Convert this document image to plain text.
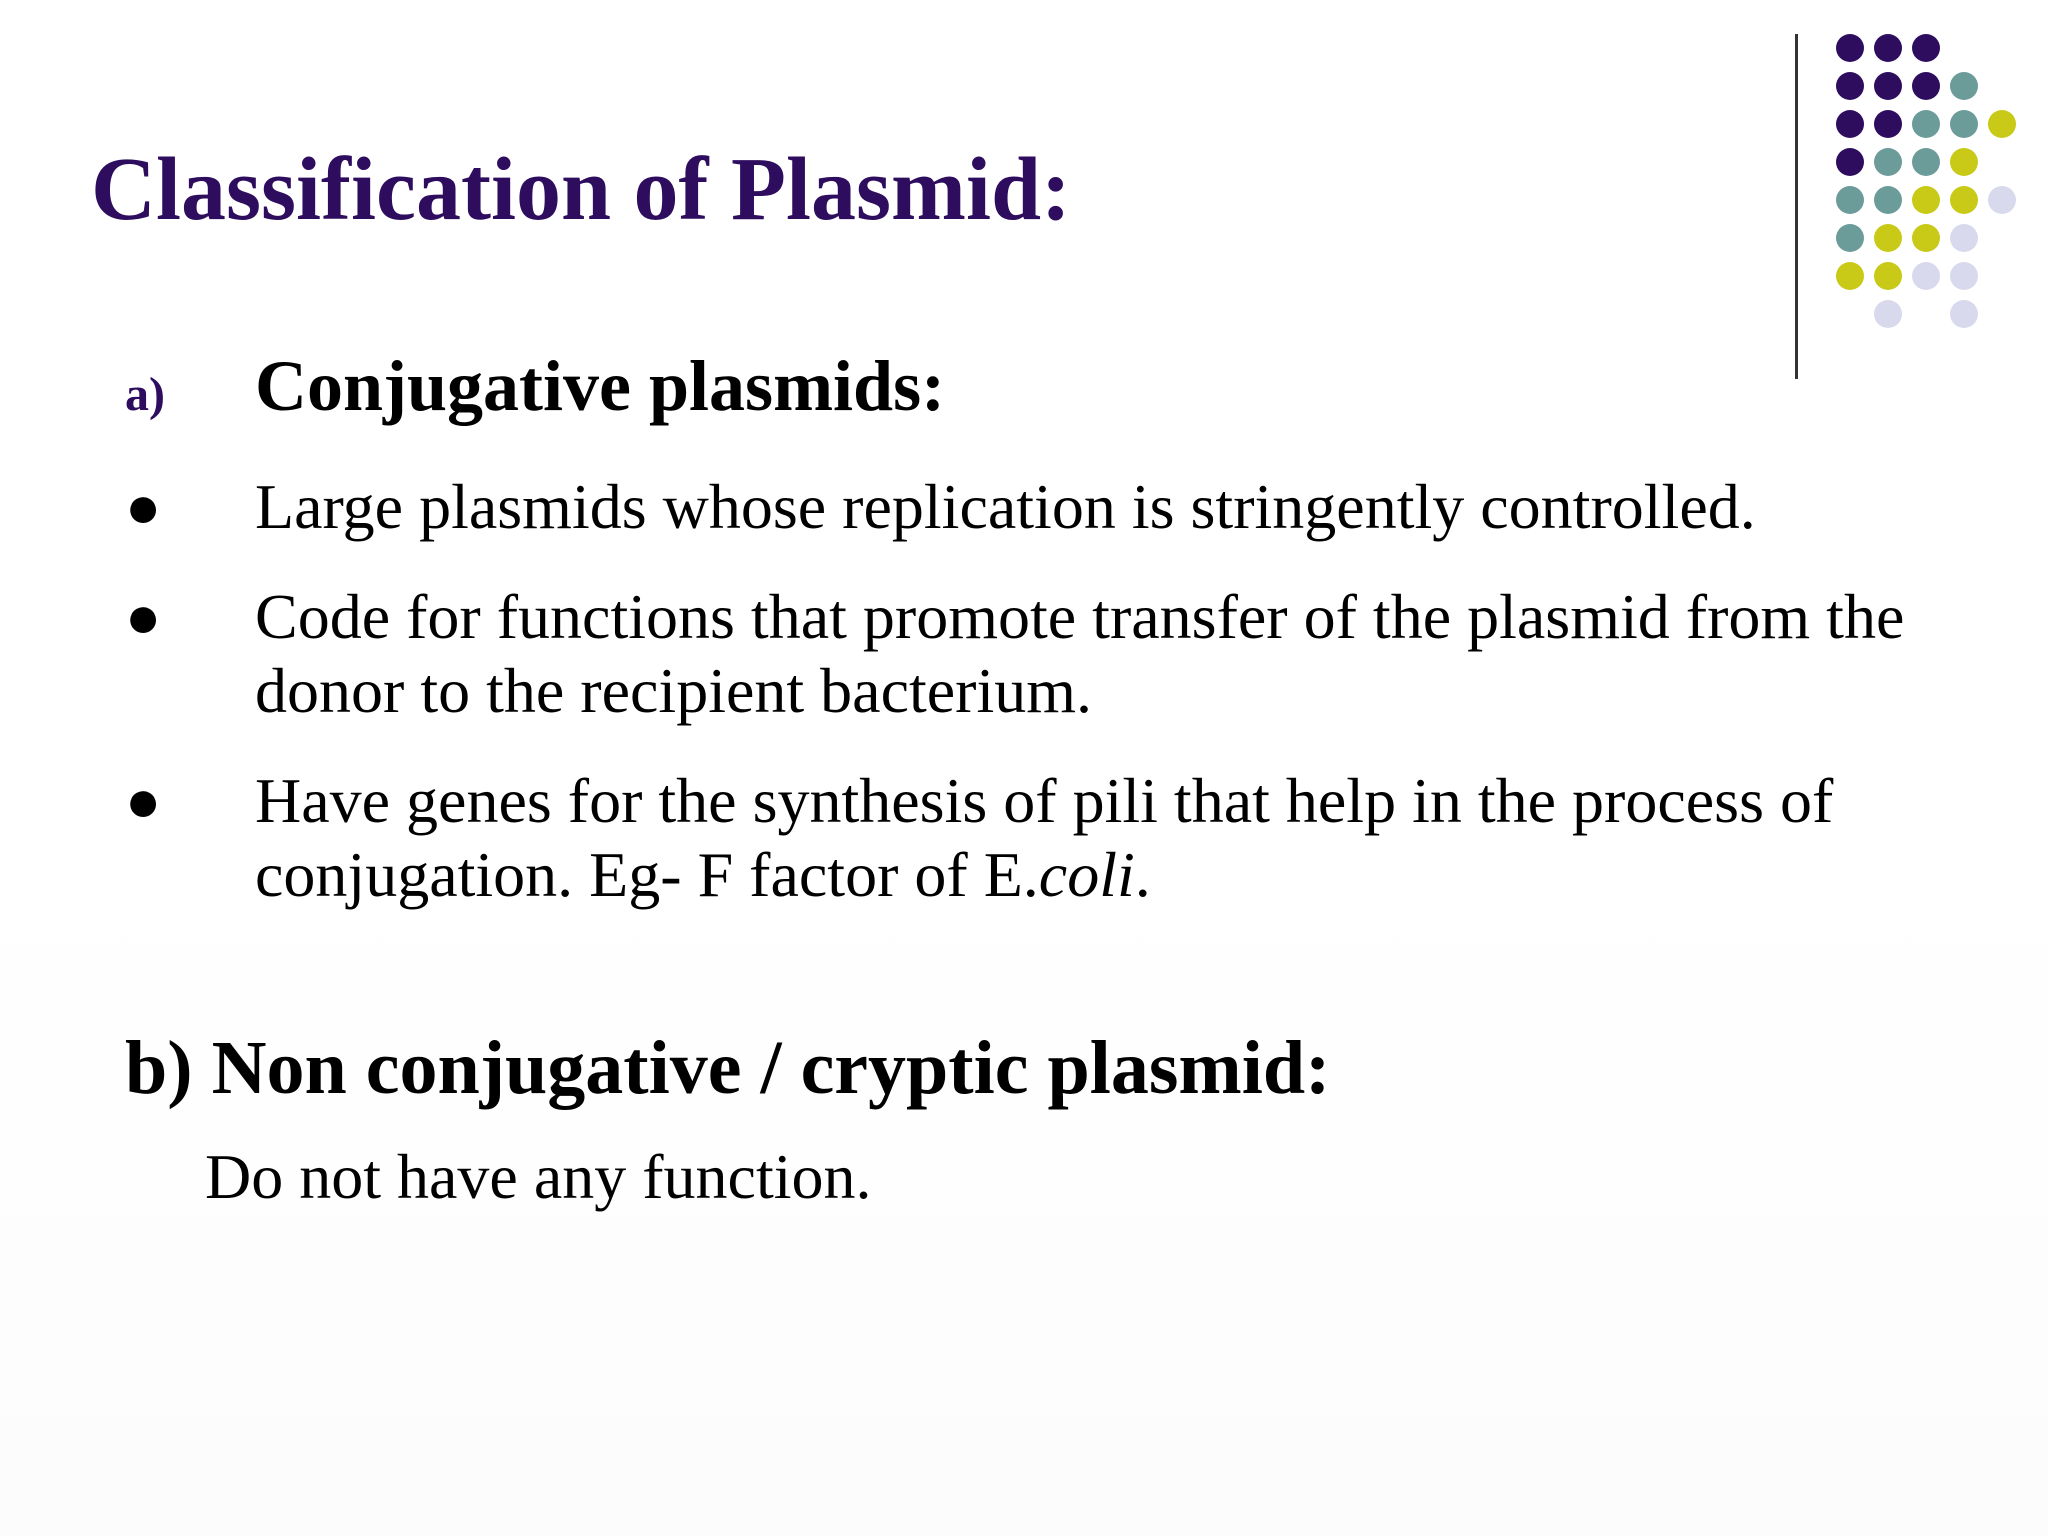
Classification of Plasmid:
a) Conjugative plasmids:
● Large plasmids whose replication is stringently controlled.
● Code for functions that promote transfer of the plasmid from the donor to the recipient bacterium.
● Have genes for the synthesis of pili that help in the process of conjugation. Eg- F factor of E.coli.
b) Non conjugative / cryptic plasmid:
Do not have any function.
